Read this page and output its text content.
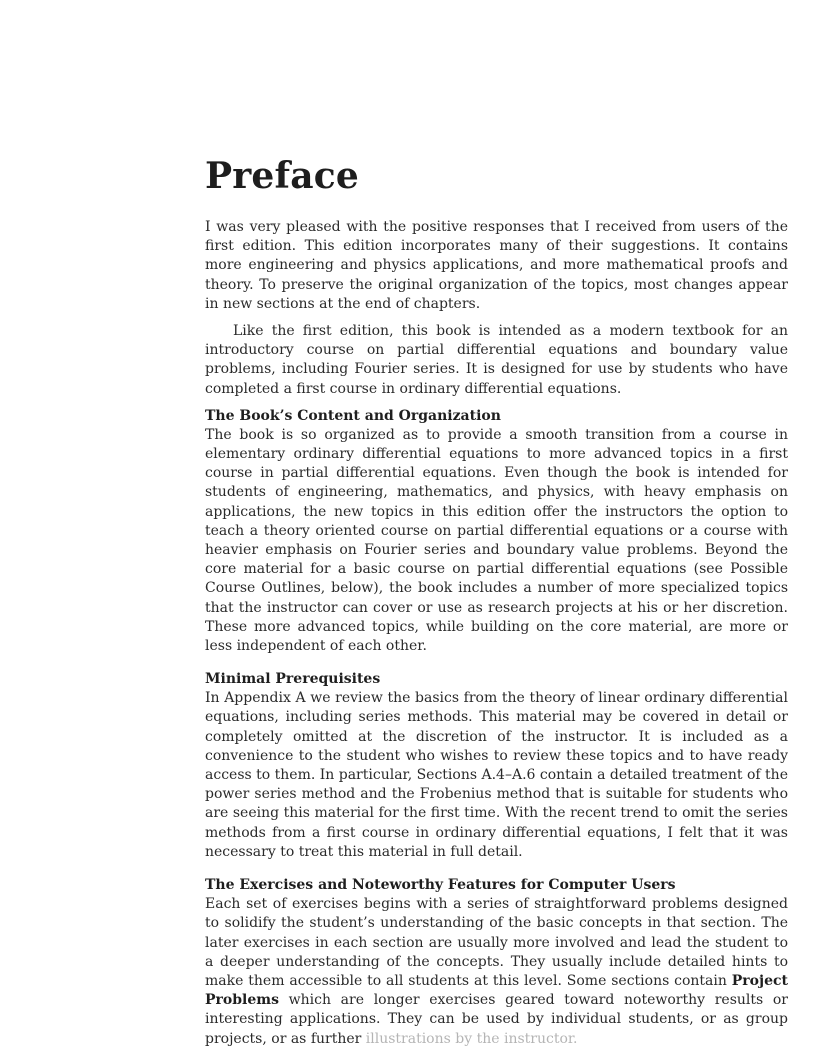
Preface

I was very pleased with the positive responses that I received from users of the first edition. This edition incorporates many of their suggestions. It contains more engineering and physics applications, and more mathematical proofs and theory. To preserve the original organization of the topics, most changes appear in new sections at the end of chapters.

Like the first edition, this book is intended as a modern textbook for an introductory course on partial differential equations and boundary value problems, including Fourier series. It is designed for use by students who have completed a first course in ordinary differential equations.

The Book’s Content and Organization

The book is so organized as to provide a smooth transition from a course in elementary ordinary differential equations to more advanced topics in a first course in partial differential equations. Even though the book is intended for students of engineering, mathematics, and physics, with heavy emphasis on applications, the new topics in this edition offer the instructors the option to teach a theory oriented course on partial differential equations or a course with heavier emphasis on Fourier series and boundary value problems. Beyond the core material for a basic course on partial differential equations (see Possible Course Outlines, below), the book includes a number of more specialized topics that the instructor can cover or use as research projects at his or her discretion. These more advanced topics, while building on the core material, are more or less independent of each other.

Minimal Prerequisites

In Appendix A we review the basics from the theory of linear ordinary differential equations, including series methods. This material may be covered in detail or completely omitted at the discretion of the instructor. It is included as a convenience to the student who wishes to review these topics and to have ready access to them. In particular, Sections A.4–A.6 contain a detailed treatment of the power series method and the Frobenius method that is suitable for students who are seeing this material for the first time. With the recent trend to omit the series methods from a first course in ordinary differential equations, I felt that it was necessary to treat this material in full detail.

The Exercises and Noteworthy Features for Computer Users

Each set of exercises begins with a series of straightforward problems designed to solidify the student’s understanding of the basic concepts in that section. The later exercises in each section are usually more involved and lead the student to a deeper understanding of the concepts. They usually include detailed hints to make them accessible to all students at this level. Some sections contain Project Problems which are longer exercises geared toward noteworthy results or interesting applications. They can be used by individual students, or as group projects, or as further illustrations by the instructor.
